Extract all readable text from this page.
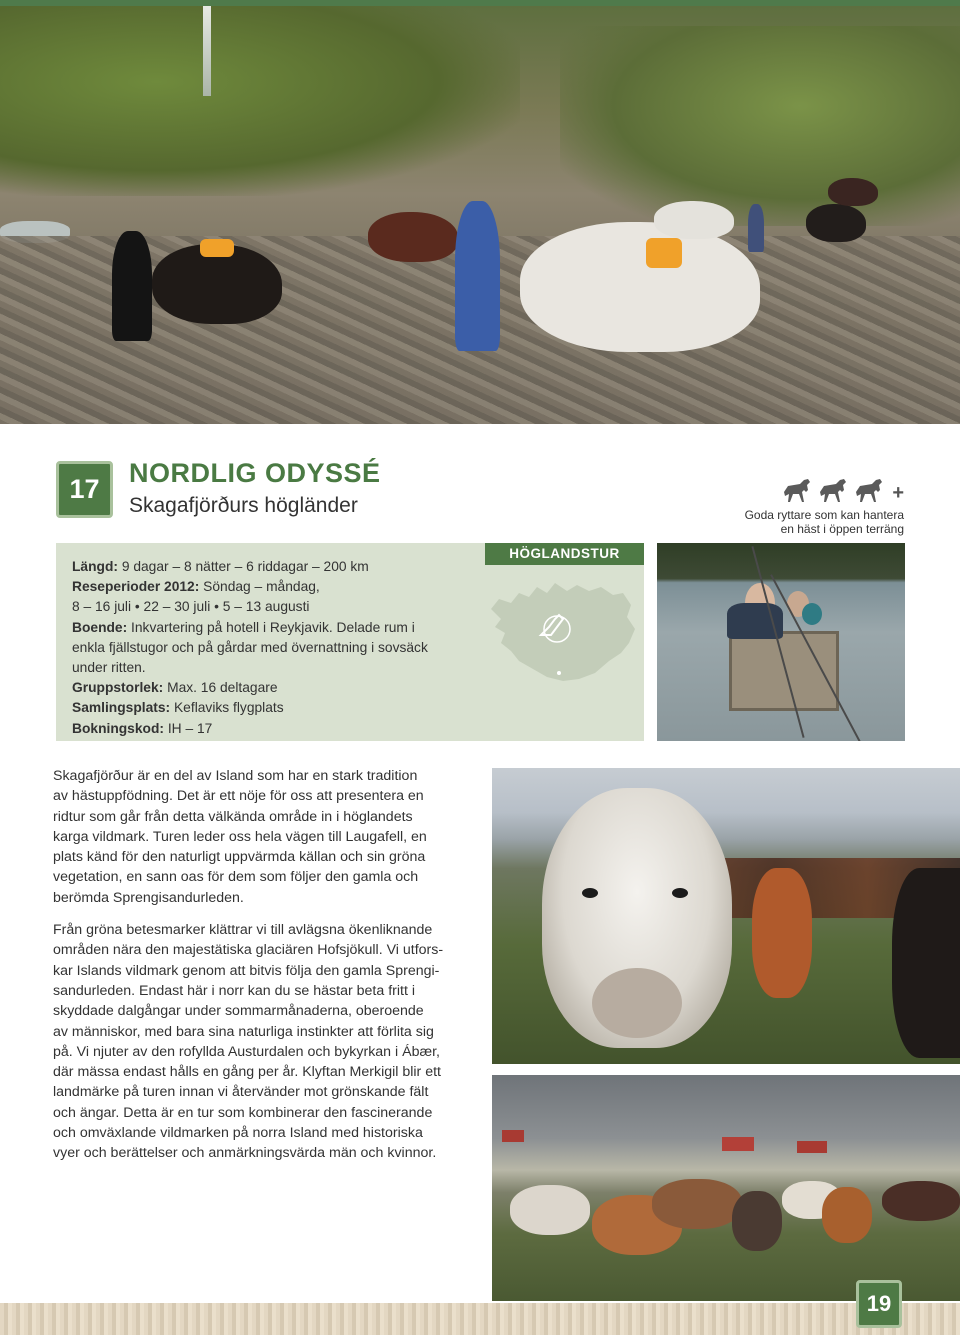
17
NORDLIG ODYSSÉ
Skagafjörðurs högländer
+
Goda ryttare som kan hantera
en häst i öppen terräng
Längd: 9 dagar – 8 nätter – 6 riddagar – 200 km
Reseperioder 2012: Söndag – måndag,
8 – 16 juli • 22 – 30 juli • 5 – 13 augusti
Boende: Inkvartering på hotell i Reykjavik. Delade rum i
enkla fjällstugor och på gårdar med övernattning i sovsäck
under ritten.
Gruppstorlek: Max. 16 deltagare
Samlingsplats: Keflaviks flygplats
Bokningskod: IH – 17
HÖGLANDSTUR

Skagafjörður är en del av Island som har en stark tradition
av hästuppfödning. Det är ett nöje för oss att presentera en
ridtur som går från detta välkända område in i höglandets
karga vildmark. Turen leder oss hela vägen till Laugafell, en
plats känd för den naturligt uppvärmda källan och sin gröna
vegetation, en sann oas för dem som följer den gamla och
berömda Sprengisandurleden.

Från gröna betesmarker klättrar vi till avlägsna ökenliknande
områden nära den majestätiska glaciären Hofsjökull. Vi utfors-
kar Islands vildmark genom att bitvis följa den gamla Sprengi-
sandurleden. Endast här i norr kan du se hästar beta fritt i
skyddade dalgångar under sommarmånaderna, oberoende
av människor, med bara sina naturliga instinkter att förlita sig
på. Vi njuter av den rofyllda Austurdalen och bykyrkan i Ábær,
där mässa endast hålls en gång per år. Klyftan Merkigil blir ett
landmärke på turen innan vi återvänder mot grönskande fält
och ängar. Detta är en tur som kombinerar den fascinerande
och omväxlande vildmarken på norra Island med historiska
vyer och berättelser och anmärkningsvärda män och kvinnor.

19
